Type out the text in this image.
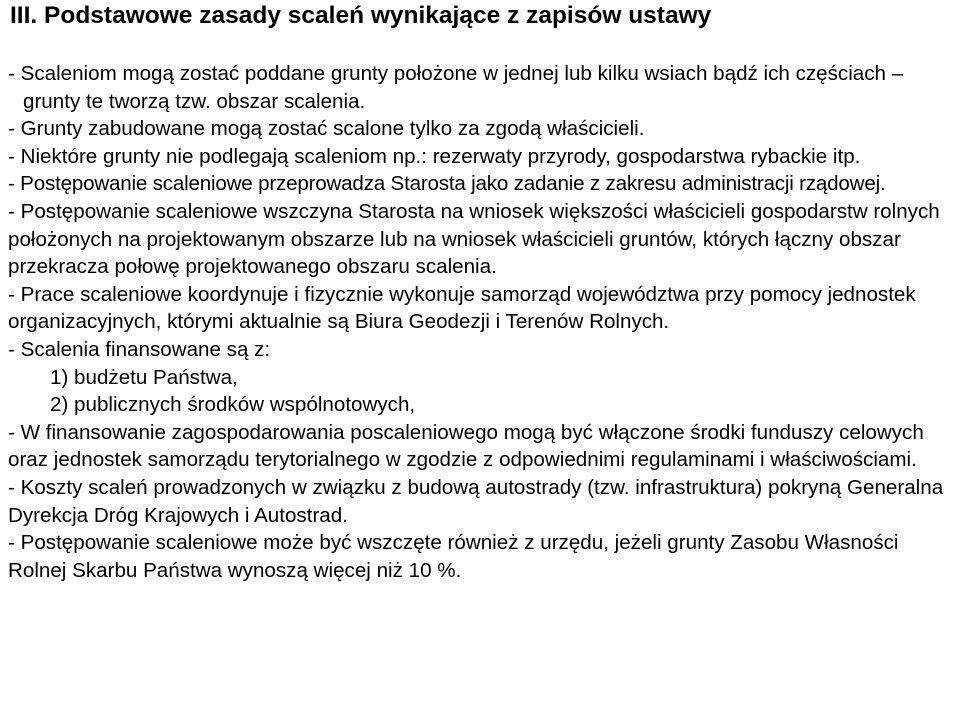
III. Podstawowe zasady scaleń wynikające z zapisów ustawy

- Scaleniom mogą zostać poddane grunty położone w jednej lub kilku wsiach bądź ich częściach – grunty te tworzą tzw. obszar scalenia.

- Grunty zabudowane mogą zostać scalone tylko za zgodą właścicieli.

- Niektóre grunty nie podlegają scaleniom np.: rezerwaty przyrody, gospodarstwa rybackie itp.

- Postępowanie scaleniowe przeprowadza Starosta jako zadanie z zakresu administracji rządowej.

- Postępowanie scaleniowe wszczyna Starosta na wniosek większości właścicieli gospodarstw rolnych położonych na projektowanym obszarze lub na wniosek właścicieli gruntów, których łączny obszar przekracza połowę projektowanego obszaru scalenia.

- Prace scaleniowe koordynuje i fizycznie wykonuje samorząd województwa przy pomocy jednostek organizacyjnych, którymi aktualnie są Biura Geodezji i Terenów Rolnych.

- Scalenia finansowane są z:

1) budżetu Państwa,

2) publicznych środków wspólnotowych,

- W finansowanie zagospodarowania poscaleniowego mogą być włączone środki funduszy celowych oraz jednostek samorządu terytorialnego w zgodzie z odpowiednimi regulaminami i właściwościami.

- Koszty scaleń prowadzonych w związku z budową autostrady (tzw. infrastruktura) pokryną Generalna Dyrekcja Dróg Krajowych i Autostrad.

- Postępowanie scaleniowe może być wszczęte również z urzędu, jeżeli grunty Zasobu Własności Rolnej Skarbu Państwa wynoszą więcej niż 10 %.
